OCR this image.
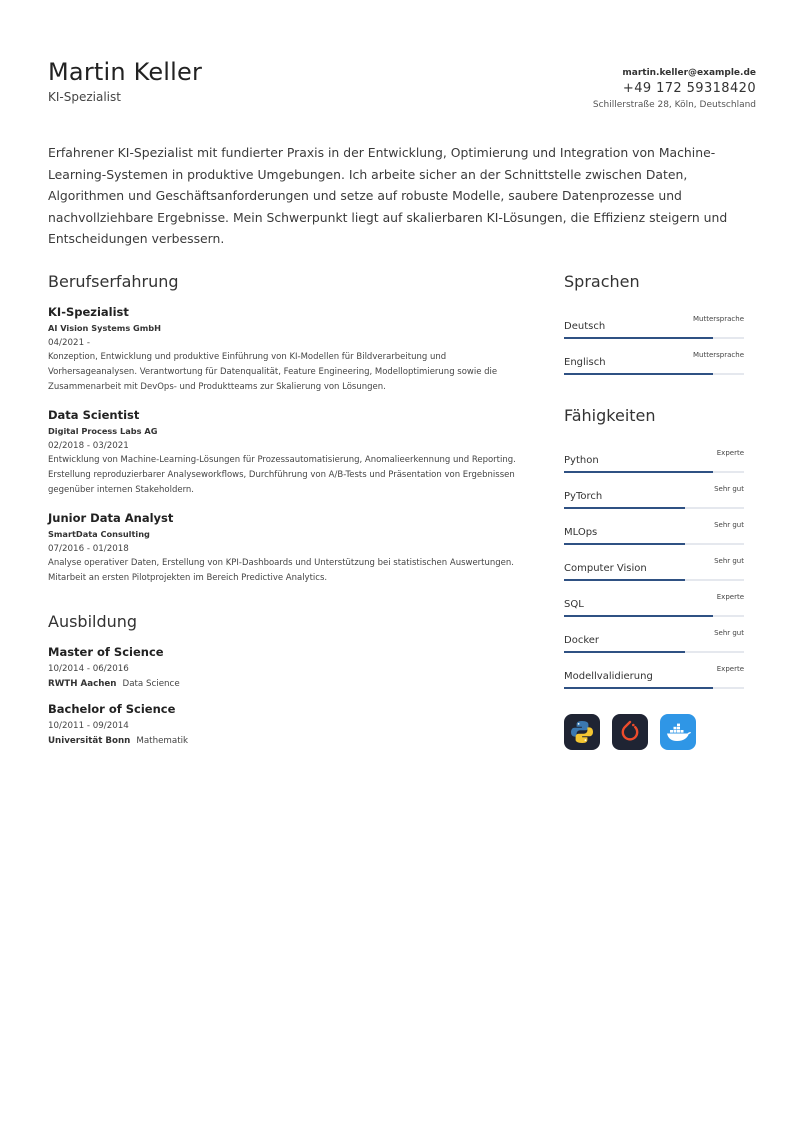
Martin Keller
KI-Spezialist
martin.keller@example.de
+49 172 59318420
Schillerstraße 28, Köln, Deutschland
Erfahrener KI-Spezialist mit fundierter Praxis in der Entwicklung, Optimierung und Integration von Machine-Learning-Systemen in produktive Umgebungen. Ich arbeite sicher an der Schnittstelle zwischen Daten, Algorithmen und Geschäftsanforderungen und setze auf robuste Modelle, saubere Datenprozesse und nachvollziehbare Ergebnisse. Mein Schwerpunkt liegt auf skalierbaren KI-Lösungen, die Effizienz steigern und Entscheidungen verbessern.
Berufserfahrung
KI-Spezialist
AI Vision Systems GmbH
04/2021 -
Konzeption, Entwicklung und produktive Einführung von KI-Modellen für Bildverarbeitung und Vorhersageanalysen. Verantwortung für Datenqualität, Feature Engineering, Modelloptimierung sowie die Zusammenarbeit mit DevOps- und Produktteams zur Skalierung von Lösungen.
Data Scientist
Digital Process Labs AG
02/2018 - 03/2021
Entwicklung von Machine-Learning-Lösungen für Prozessautomatisierung, Anomalieerkennung und Reporting. Erstellung reproduzierbarer Analyseworkflows, Durchführung von A/B-Tests und Präsentation von Ergebnissen gegenüber internen Stakeholdern.
Junior Data Analyst
SmartData Consulting
07/2016 - 01/2018
Analyse operativer Daten, Erstellung von KPI-Dashboards und Unterstützung bei statistischen Auswertungen. Mitarbeit an ersten Pilotprojekten im Bereich Predictive Analytics.
Ausbildung
Master of Science
10/2014 - 06/2016
RWTH Aachen Data Science
Bachelor of Science
10/2011 - 09/2014
Universität Bonn Mathematik
Sprachen
Deutsch
Muttersprache
Englisch
Muttersprache
Fähigkeiten
Python
Experte
PyTorch
Sehr gut
MLOps
Sehr gut
Computer Vision
Sehr gut
SQL
Experte
Docker
Sehr gut
Modellvalidierung
Experte
